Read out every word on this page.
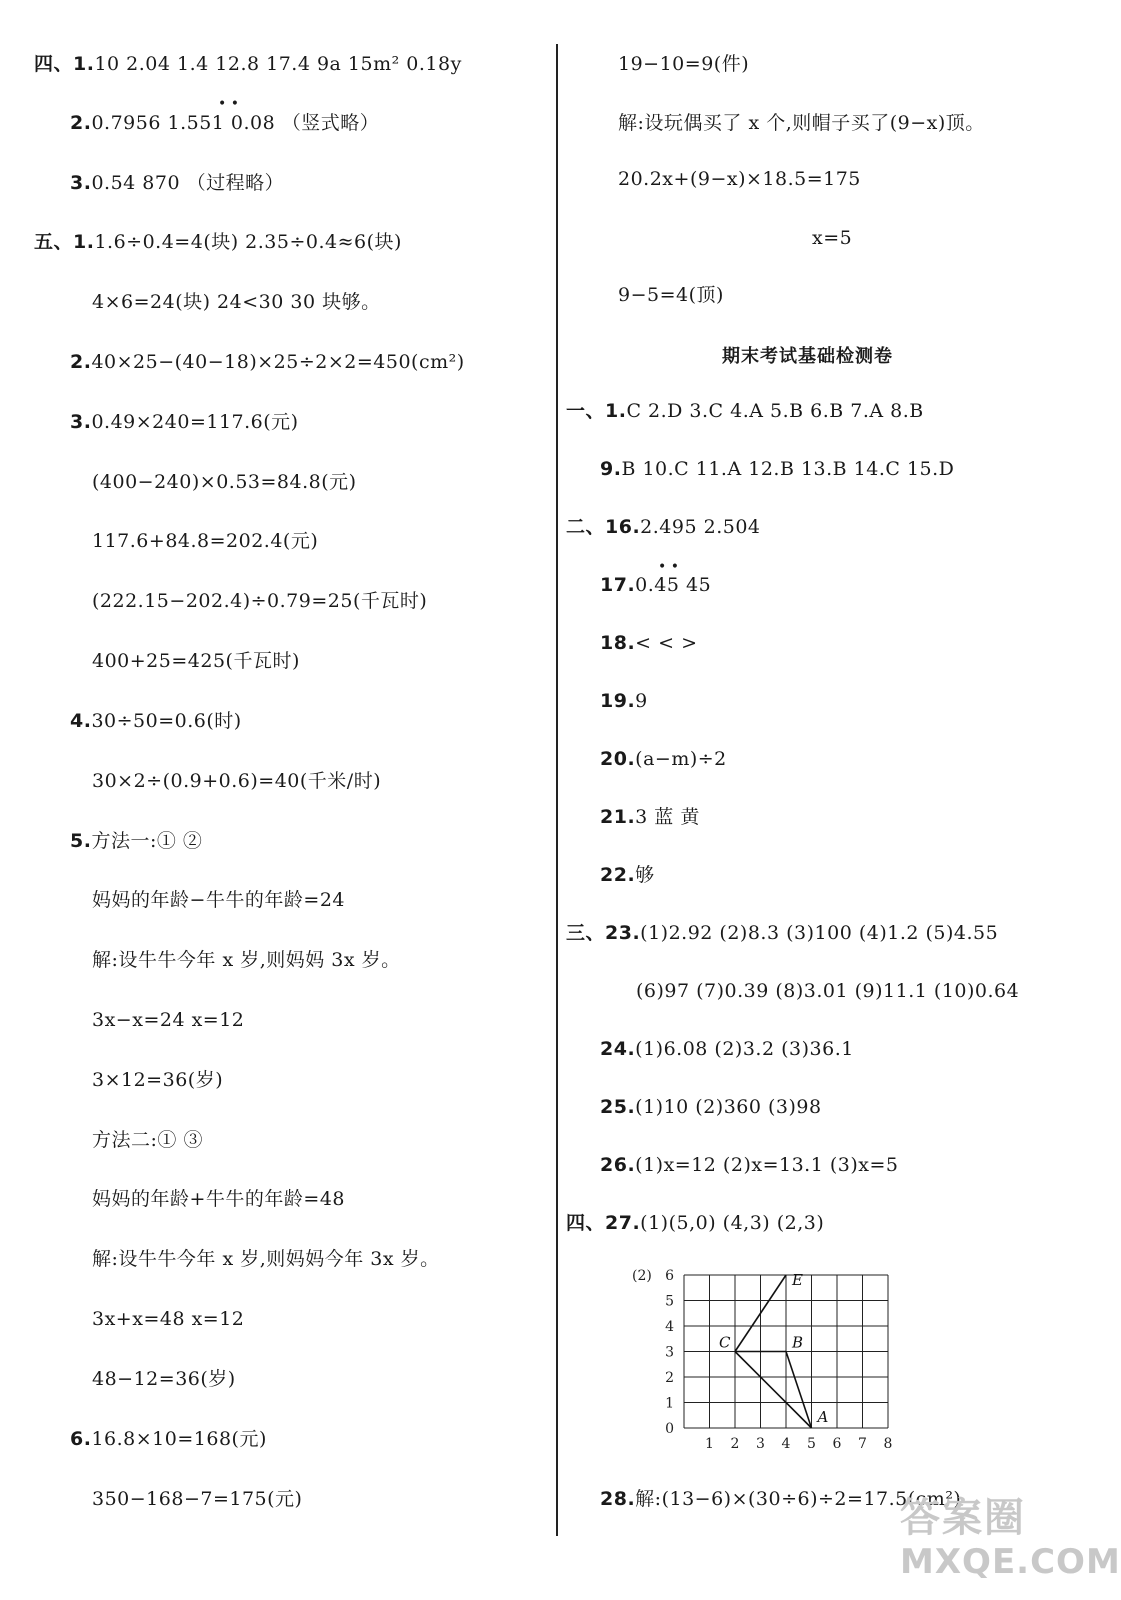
四、1.10 2.04 1.4 12.8 17.4 9a 15m² 0.18y
2.0.7956 1.551 0.08 （竖式略）
• •
3.0.54 870 （过程略）
五、1.1.6÷0.4=4(块) 2.35÷0.4≈6(块)
4×6=24(块) 24<30 30 块够。
2.40×25−(40−18)×25÷2×2=450(cm²)
3.0.49×240=117.6(元)
(400−240)×0.53=84.8(元)
117.6+84.8=202.4(元)
(222.15−202.4)÷0.79=25(千瓦时)
400+25=425(千瓦时)
4.30÷50=0.6(时)
30×2÷(0.9+0.6)=40(千米/时)
5.方法一:① ②
妈妈的年龄−牛牛的年龄=24
解:设牛牛今年 x 岁,则妈妈 3x 岁。
3x−x=24 x=12
3×12=36(岁)
方法二:① ③
妈妈的年龄+牛牛的年龄=48
解:设牛牛今年 x 岁,则妈妈今年 3x 岁。
3x+x=48 x=12
48−12=36(岁)
6.16.8×10=168(元)
350−168−7=175(元)
19−10=9(件)
解:设玩偶买了 x 个,则帽子买了(9−x)顶。
20.2x+(9−x)×18.5=175
x=5
9−5=4(顶)
期末考试基础检测卷
一、1.C 2.D 3.C 4.A 5.B 6.B 7.A 8.B
9.B 10.C 11.A 12.B 13.B 14.C 15.D
二、16.2.495 2.504
17.0.45 45
• •
18.< < >
19.9
20.(a−m)÷2
21.3 蓝 黄
22.够
三、23.(1)2.92 (2)8.3 (3)100 (4)1.2 (5)4.55
(6)97 (7)0.39 (8)3.01 (9)11.1 (10)0.64
24.(1)6.08 (2)3.2 (3)36.1
25.(1)10 (2)360 (3)98
26.(1)x=12 (2)x=13.1 (3)x=5
四、27.(1)(5,0) (4,3) (2,3)
1 2 3 4 5 6 7 8
0
1
2
3
4
5
6
(2)	E
C	B
A
28.解:(13−6)×(30÷6)÷2=17.5(cm²)
答案圈
MXQE.COM
